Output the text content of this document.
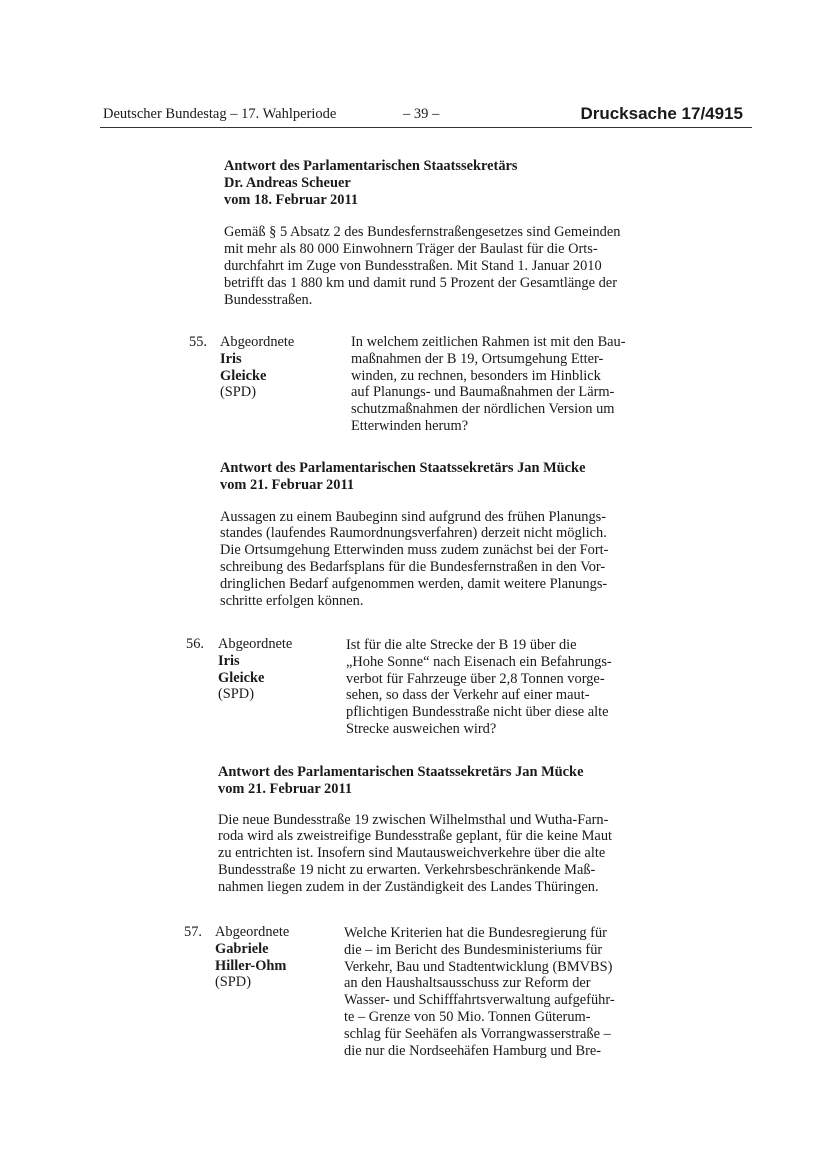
Deutscher Bundestag – 17. Wahlperiode	– 39 –	Drucksache 17/4915
Antwort des Parlamentarischen Staatssekretärs
Dr. Andreas Scheuer
vom 18. Februar 2011
Gemäß § 5 Absatz 2 des Bundesfernstraßengesetzes sind Gemeinden
mit mehr als 80 000 Einwohnern Träger der Baulast für die Orts-
durchfahrt im Zuge von Bundesstraßen. Mit Stand 1. Januar 2010
betrifft das 1 880 km und damit rund 5 Prozent der Gesamtlänge der
Bundesstraßen.
55. Abgeordnete
Iris
Gleicke
(SPD)
In welchem zeitlichen Rahmen ist mit den Bau-
maßnahmen der B 19, Ortsumgehung Etter-
winden, zu rechnen, besonders im Hinblick
auf Planungs- und Baumaßnahmen der Lärm-
schutzmaßnahmen der nördlichen Version um
Etterwinden herum?
Antwort des Parlamentarischen Staatssekretärs Jan Mücke
vom 21. Februar 2011
Aussagen zu einem Baubeginn sind aufgrund des frühen Planungs-
standes (laufendes Raumordnungsverfahren) derzeit nicht möglich.
Die Ortsumgehung Etterwinden muss zudem zunächst bei der Fort-
schreibung des Bedarfsplans für die Bundesfernstraßen in den Vor-
dringlichen Bedarf aufgenommen werden, damit weitere Planungs-
schritte erfolgen können.
56. Abgeordnete
Iris
Gleicke
(SPD)
Ist für die alte Strecke der B 19 über die
„Hohe Sonne“ nach Eisenach ein Befahrungs-
verbot für Fahrzeuge über 2,8 Tonnen vorge-
sehen, so dass der Verkehr auf einer maut-
pflichtigen Bundesstraße nicht über diese alte
Strecke ausweichen wird?
Antwort des Parlamentarischen Staatssekretärs Jan Mücke
vom 21. Februar 2011
Die neue Bundesstraße 19 zwischen Wilhelmsthal und Wutha-Farn-
roda wird als zweistreifige Bundesstraße geplant, für die keine Maut
zu entrichten ist. Insofern sind Mautausweichverkehre über die alte
Bundesstraße 19 nicht zu erwarten. Verkehrsbeschränkende Maß-
nahmen liegen zudem in der Zuständigkeit des Landes Thüringen.
57. Abgeordnete
Gabriele
Hiller-Ohm
(SPD)
Welche Kriterien hat die Bundesregierung für
die – im Bericht des Bundesministeriums für
Verkehr, Bau und Stadtentwicklung (BMVBS)
an den Haushaltsausschuss zur Reform der
Wasser- und Schifffahrtsverwaltung aufgeführ-
te – Grenze von 50 Mio. Tonnen Güterum-
schlag für Seehäfen als Vorrangwasserstraße –
die nur die Nordseehäfen Hamburg und Bre-
